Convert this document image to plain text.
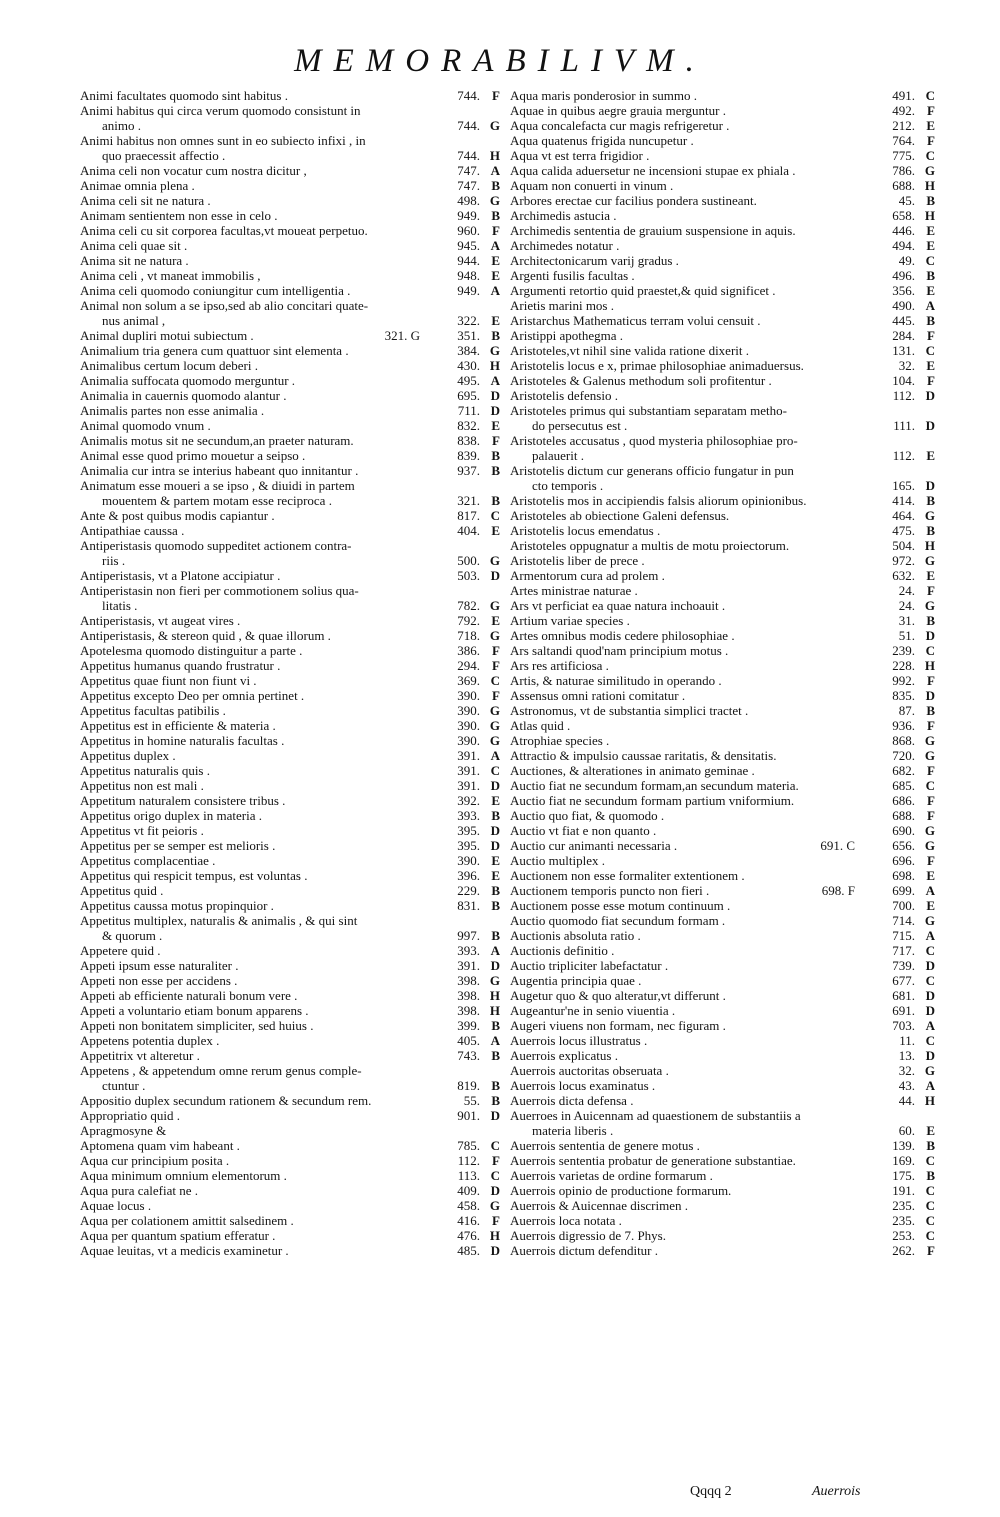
MEMORABILIVM.
Animi facultates quomodo sint habitus .	744. F
Animi habitus qui circa verum quomodo consistunt in
animo .	744. G
Animi habitus non omnes sunt in eo subiecto infixi , in
quo praecessit affectio .	744. H
Anima celi non vocatur cum nostra dicitur ,	747. A
Animae omnia plena .	747. B
Anima celi sit ne natura .	498. G
Animam sentientem non esse in celo .	949. B
Anima celi cu sit corporea facultas,vt moueat perpetuo.	960. F
Anima celi quae sit .	945. A
Anima sit ne natura .	944. E
Anima celi , vt maneat immobilis ,	948. E
Anima celi quomodo coniungitur cum intelligentia .	949. A
Animal non solum a se ipso,sed ab alio concitari quate-
nus animal ,	322. E
Animal dupliri motui subiectum .	321. G	351. B
Animalium tria genera cum quattuor sint elementa .	384. G
Animalibus certum locum deberi .	430. H
Animalia suffocata quomodo merguntur .	495. A
Animalia in cauernis quomodo alantur .	695. D
Animalis partes non esse animalia .	711. D
Animal quomodo vnum .	832. E
Animalis motus sit ne secundum,an praeter naturam.	838. F
Animal esse quod primo mouetur a seipso .	839. B
Animalia cur intra se interius habeant quo innitantur .	937. B
Animatum esse moueri a se ipso , & diuidi in partem
mouentem & partem motam esse reciproca .	321. B
Ante & post quibus modis capiantur .	817. C
Antipathiae caussa .	404. E
Antiperistasis quomodo suppeditet actionem contra-
riis .	500. G
Antiperistasis, vt a Platone accipiatur .	503. D
Antiperistasin non fieri per commotionem solius qua-
litatis .	782. G
Antiperistasis, vt augeat vires .	792. E
Antiperistasis, & stereon quid , & quae illorum .	718. G
Apotelesma quomodo distinguitur a parte .	386. F
Appetitus humanus quando frustratur .	294. F
Appetitus quae fiunt non fiunt vi .	369. C
Appetitus excepto Deo per omnia pertinet .	390. F
Appetitus facultas patibilis .	390. G
Appetitus est in efficiente & materia .	390. G
Appetitus in homine naturalis facultas .	390. G
Appetitus duplex .	391. A
Appetitus naturalis quis .	391. C
Appetitus non est mali .	391. D
Appetitum naturalem consistere tribus .	392. E
Appetitus origo duplex in materia .	393. B
Appetitus vt fit peioris .	395. D
Appetitus per se semper est melioris .	395. D
Appetitus complacentiae .	390. E
Appetitus qui respicit tempus, est voluntas .	396. E
Appetitus quid .	229. B
Appetitus caussa motus propinquior .	831. B
Appetitus multiplex, naturalis & animalis , & qui sint
& quorum .	997. B
Appetere quid .	393. A
Appeti ipsum esse naturaliter .	391. D
Appeti non esse per accidens .	398. G
Appeti ab efficiente naturali bonum vere .	398. H
Appeti a voluntario etiam bonum apparens .	398. H
Appeti non bonitatem simpliciter, sed huius .	399. B
Appetens potentia duplex .	405. A
Appetitrix vt alteretur .	743. B
Appetens , & appetendum omne rerum genus comple-
ctuntur .	819. B
Appositio duplex secundum rationem & secundum rem.	55. B
Appropriatio quid .	901. D
Apragmosyne &
Aptomena quam vim habeant .	785. C
Aqua cur principium posita .	112. F
Aqua minimum omnium elementorum .	113. C
Aqua pura calefiat ne .	409. D
Aquae locus .	458. G
Aqua per colationem amittit salsedinem .	416. F
Aqua per quantum spatium efferatur .	476. H
Aquae leuitas, vt a medicis examinetur .	485. D
Aqua maris ponderosior in summo .	491. C
Aquae in quibus aegre grauia merguntur .	492. F
Aqua concalefacta cur magis refrigeretur .	212. E
Aqua quatenus frigida nuncupetur .	764. F
Aqua vt est terra frigidior .	775. C
Aqua calida aduersetur ne incensioni stupae ex phiala .	786. G
Aquam non conuerti in vinum .	688. H
Arbores erectae cur facilius pondera sustineant.	45. B
Archimedis astucia .	658. H
Archimedis sententia de grauium suspensione in aquis.	446. E
Archimedes notatur .	494. E
Architectonicarum varij gradus .	49. C
Argenti fusilis facultas .	496. B
Argumenti retortio quid praestet,& quid significet .	356. E
Arietis marini mos .	490. A
Aristarchus Mathematicus terram volui censuit .	445. B
Aristippi apothegma .	284. F
Aristoteles,vt nihil sine valida ratione dixerit .	131. C
Aristotelis locus e x, primae philosophiae animaduersus.	32. E
Aristoteles & Galenus methodum soli profitentur .	104. F
Aristotelis defensio .	112. D
Aristoteles primus qui substantiam separatam metho-
do persecutus est .	111. D
Aristoteles accusatus , quod mysteria philosophiae pro-
palauerit .	112. E
Aristotelis dictum cur generans officio fungatur in pun
cto temporis .	165. D
Aristotelis mos in accipiendis falsis aliorum opinionibus.	414. B
Aristoteles ab obiectione Galeni defensus.	464. G
Aristotelis locus emendatus .	475. B
Aristoteles oppugnatur a multis de motu proiectorum.	504. H
Aristotelis liber de prece .	972. G
Armentorum cura ad prolem .	632. E
Artes ministrae naturae .	24. F
Ars vt perficiat ea quae natura inchoauit .	24. G
Artium variae species .	31. B
Artes omnibus modis cedere philosophiae .	51. D
Ars saltandi quod'nam principium motus .	239. C
Ars res artificiosa .	228. H
Artis, & naturae similitudo in operando .	992. F
Assensus omni rationi comitatur .	835. D
Astronomus, vt de substantia simplici tractet .	87. B
Atlas quid .	936. F
Atrophiae species .	868. G
Attractio & impulsio caussae raritatis, & densitatis.	720. G
Auctiones, & alterationes in animato geminae .	682. F
Auctio fiat ne secundum formam,an secundum materia.	685. C
Auctio fiat ne secundum formam partium vniformium.	686. F
Auctio quo fiat, & quomodo .	688. F
Auctio vt fiat e non quanto .	690. G
Auctio cur animanti necessaria .	691. C	656. G
Auctio multiplex .	696. F
Auctionem non esse formaliter extentionem .	698. E
Auctionem temporis puncto non fieri .	698. F	699. A
Auctionem posse esse motum continuum .	700. E
Auctio quomodo fiat secundum formam .	714. G
Auctionis absoluta ratio .	715. A
Auctionis definitio .	717. C
Auctio tripliciter labefactatur .	739. D
Augentia principia quae .	677. C
Augetur quo & quo alteratur,vt differunt .	681. D
Augeantur'ne in senio viuentia .	691. D
Augeri viuens non formam, nec figuram .	703. A
Auerrois locus illustratus .	11. C
Auerrois explicatus .	13. D
Auerrois auctoritas obseruata .	32. G
Auerrois locus examinatus .	43. A
Auerrois dicta defensa .	44. H
Auerroes in Auicennam ad quaestionem de substantiis a
materia liberis .	60. E
Auerrois sententia de genere motus .	139. B
Auerrois sententia probatur de generatione substantiae.	169. C
Auerrois varietas de ordine formarum .	175. B
Auerrois opinio de productione formarum.	191. C
Auerrois & Auicennae discrimen .	235. C
Auerrois loca notata .	235. C
Auerrois digressio de 7. Phys.	253. C
Auerrois dictum defenditur .	262. F
Qqqq 2	Auerrois
